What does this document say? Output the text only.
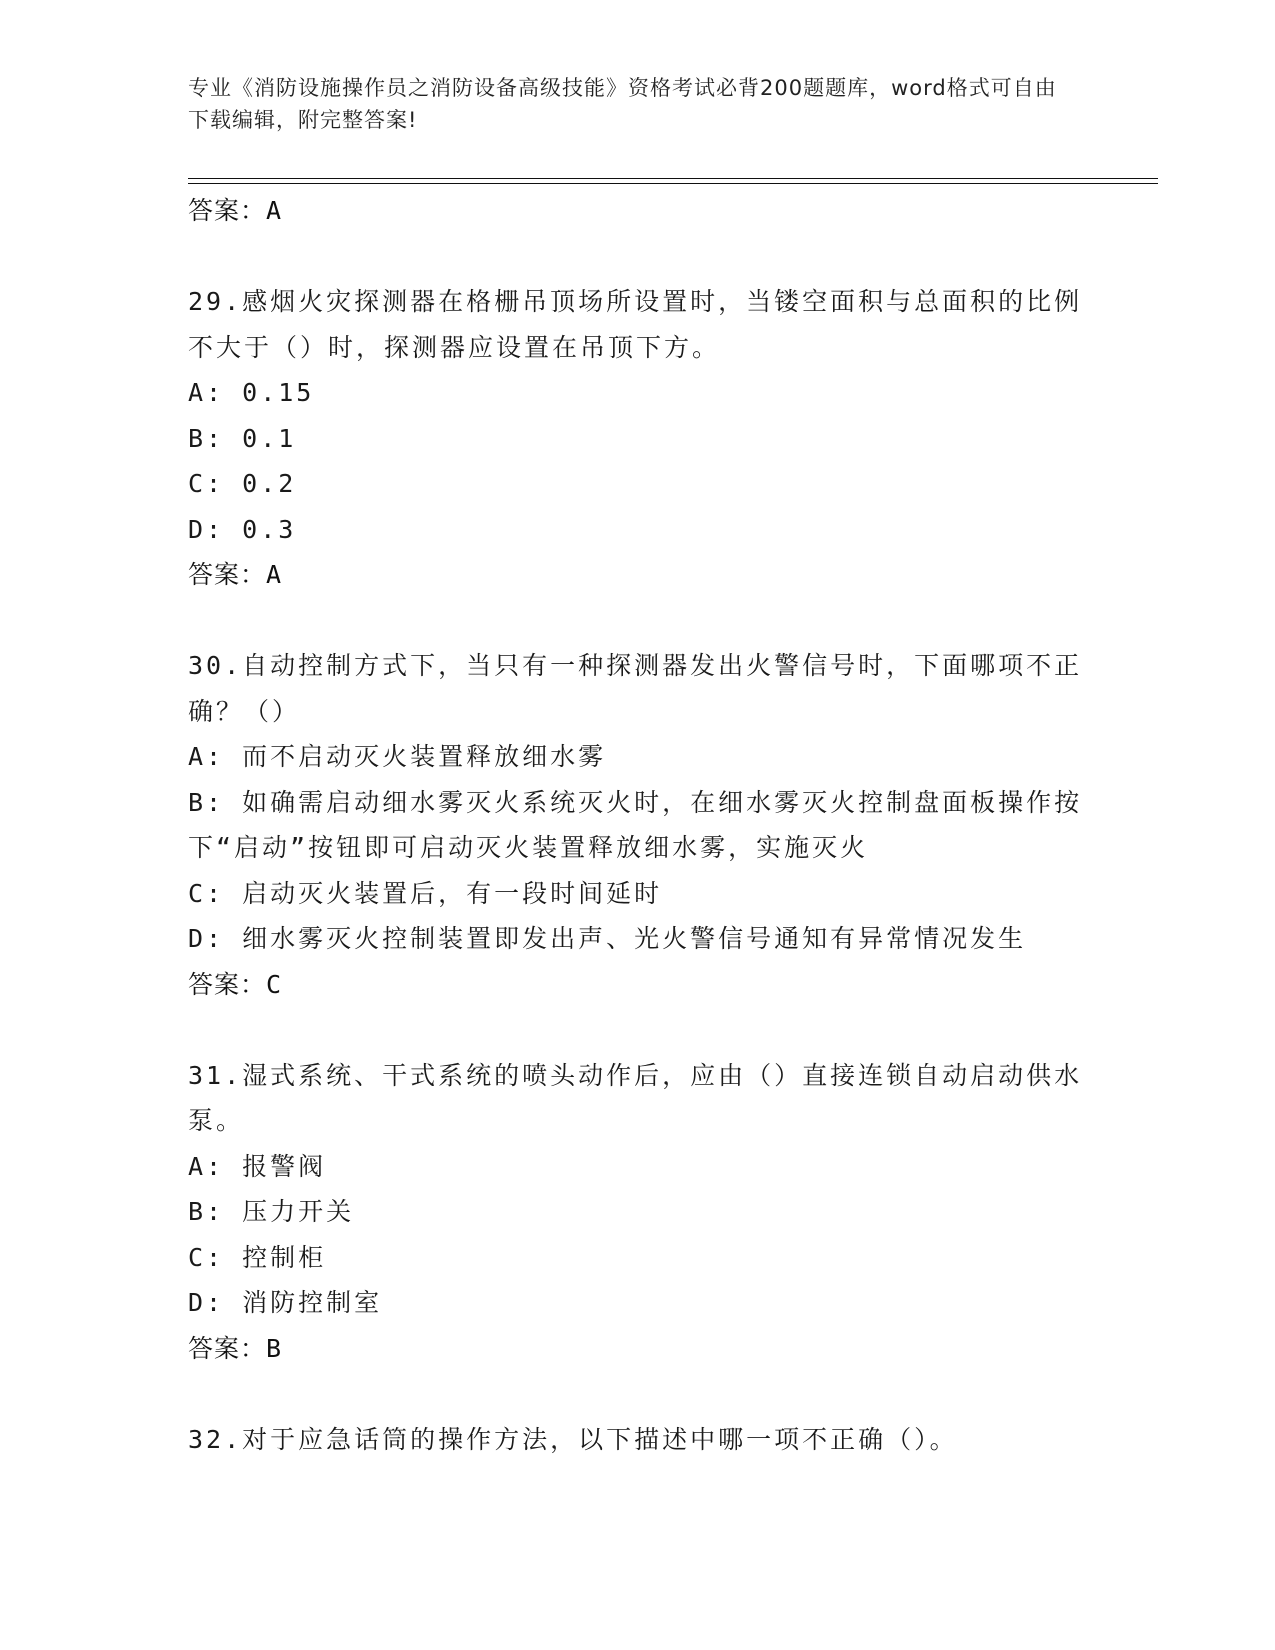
专业《消防设施操作员之消防设备高级技能》资格考试必背200题题库，word格式可自由下载编辑，附完整答案!
答案：A
29.感烟火灾探测器在格栅吊顶场所设置时，当镂空面积与总面积的比例不大于（）时，探测器应设置在吊顶下方。
A: 0.15
B: 0.1
C: 0.2
D: 0.3
答案：A
30.自动控制方式下，当只有一种探测器发出火警信号时，下面哪项不正确？（）
A: 而不启动灭火装置释放细水雾
B: 如确需启动细水雾灭火系统灭火时，在细水雾灭火控制盘面板操作按下“启动”按钮即可启动灭火装置释放细水雾，实施灭火
C: 启动灭火装置后，有一段时间延时
D: 细水雾灭火控制装置即发出声、光火警信号通知有异常情况发生
答案：C
31.湿式系统、干式系统的喷头动作后，应由（）直接连锁自动启动供水泵。
A: 报警阀
B: 压力开关
C: 控制柜
D: 消防控制室
答案：B
32.对于应急话筒的操作方法，以下描述中哪一项不正确（）。
